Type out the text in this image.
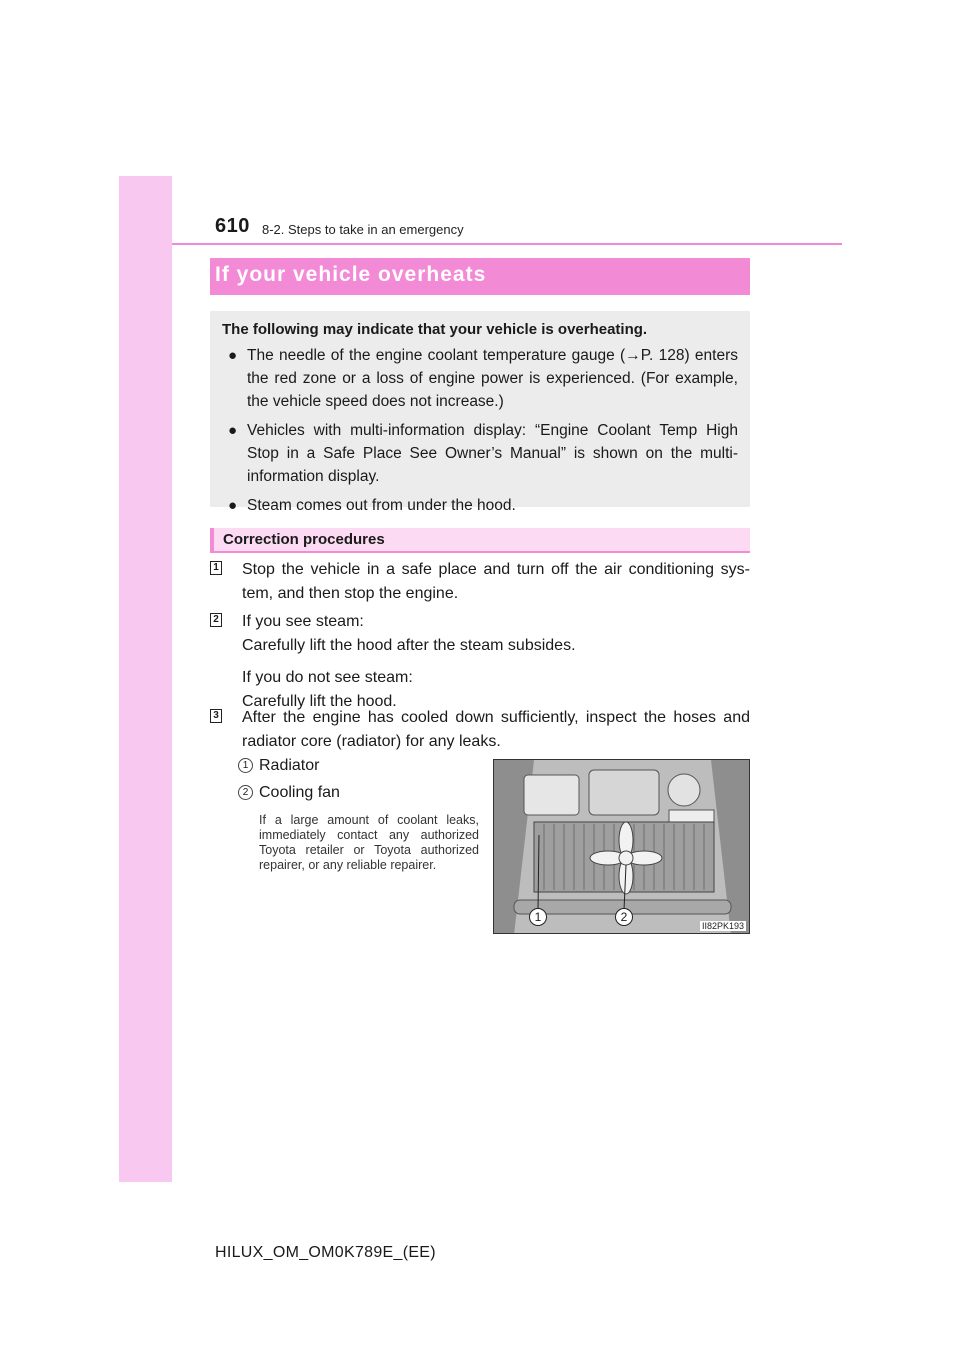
610 8-2. Steps to take in an emergency
If your vehicle overheats
The following may indicate that your vehicle is overheating.
● The needle of the engine coolant temperature gauge (→P. 128) enters the red zone or a loss of engine power is experienced. (For example, the vehicle speed does not increase.)
● Vehicles with multi-information display: “Engine Coolant Temp High Stop in a Safe Place See Owner’s Manual” is shown on the multi-information display.
● Steam comes out from under the hood.
Correction procedures
1 Stop the vehicle in a safe place and turn off the air conditioning sys-tem, and then stop the engine.
2 If you see steam:
Carefully lift the hood after the steam subsides.
If you do not see steam:
Carefully lift the hood.
3 After the engine has cooled down sufficiently, inspect the hoses and radiator core (radiator) for any leaks.
1 Radiator
2 Cooling fan
If a large amount of coolant leaks, immediately contact any authorized Toyota retailer or Toyota authorized repairer, or any reliable repairer.
1	2
II82PK193
HILUX_OM_OM0K789E_(EE)
